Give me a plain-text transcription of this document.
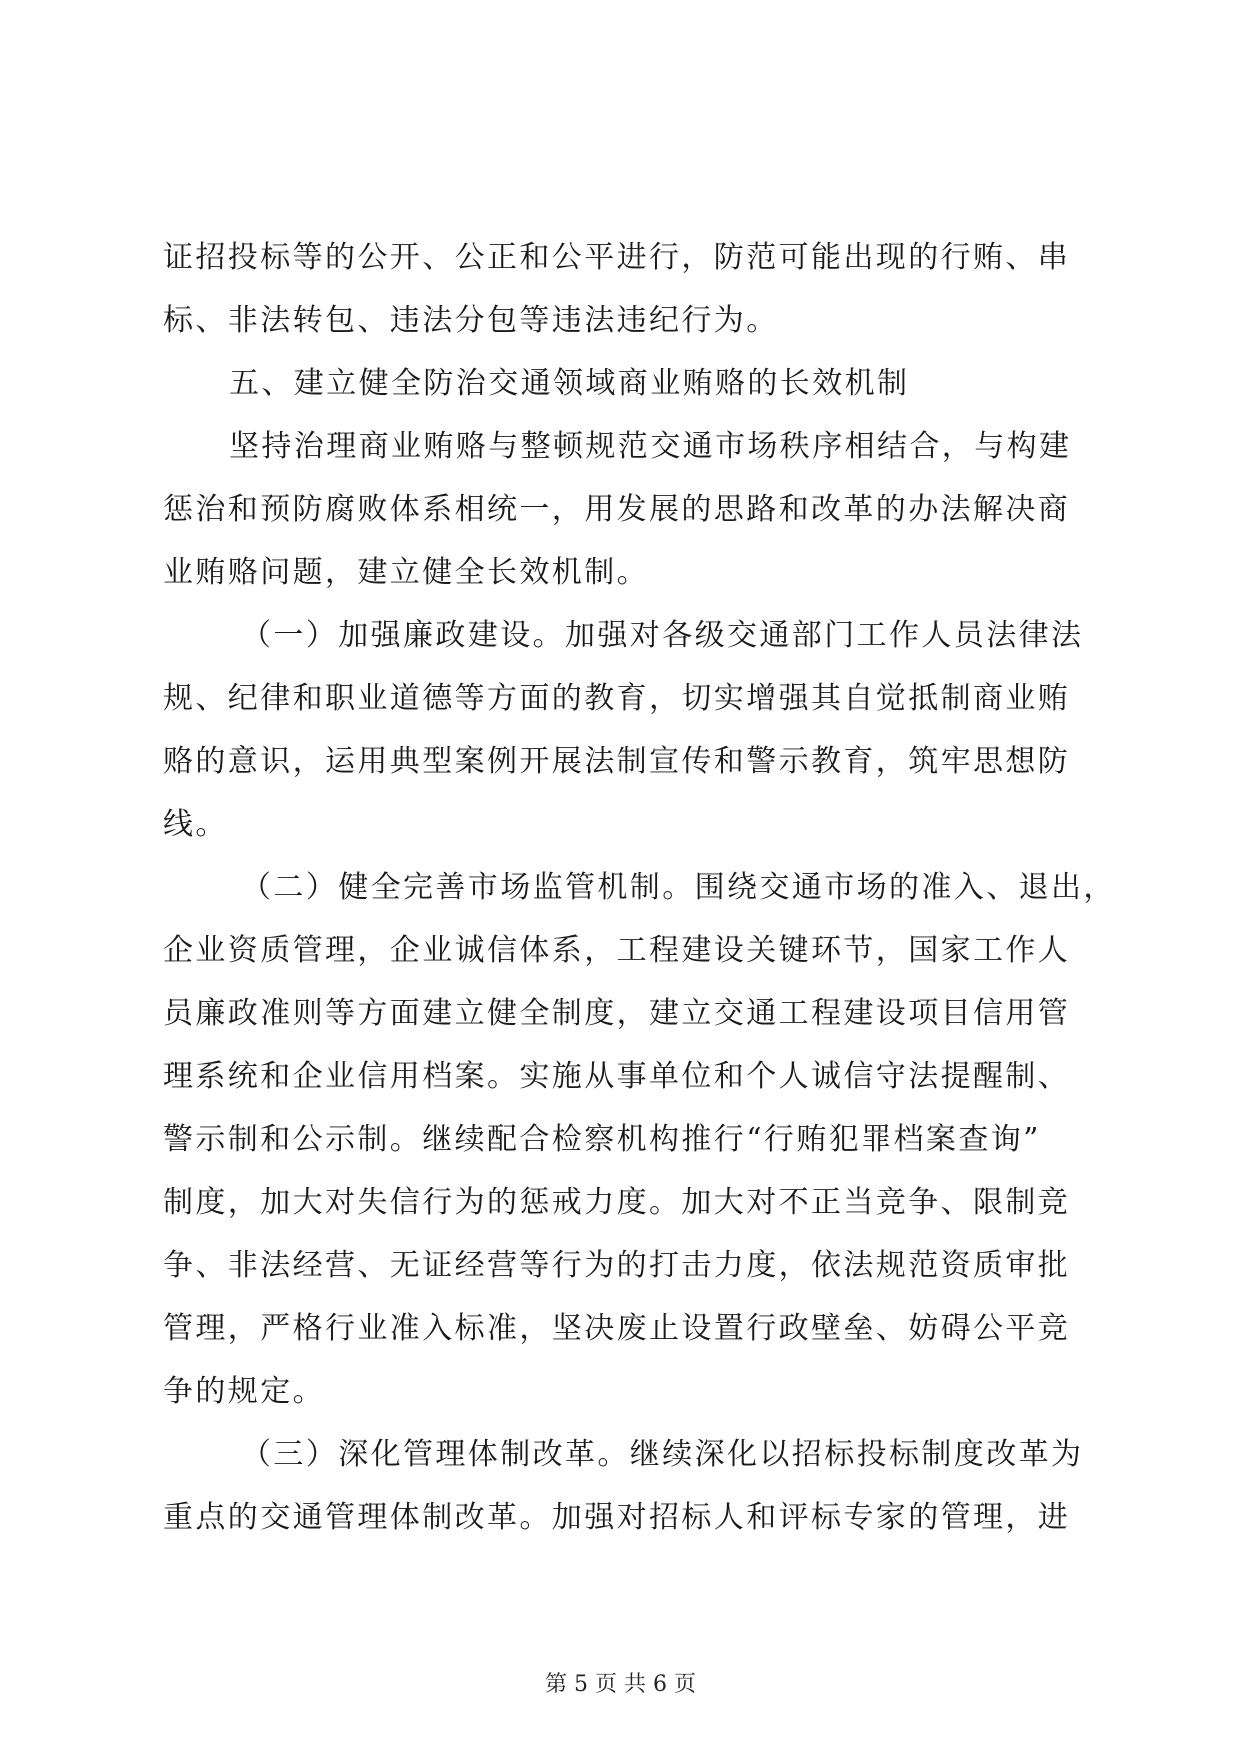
证招投标等的公开、公正和公平进行，防范可能出现的行贿、串
标、非法转包、违法分包等违法违纪行为。
五、建立健全防治交通领域商业贿赂的长效机制
坚持治理商业贿赂与整顿规范交通市场秩序相结合，与构建
惩治和预防腐败体系相统一，用发展的思路和改革的办法解决商
业贿赂问题，建立健全长效机制。
（一）加强廉政建设。加强对各级交通部门工作人员法律法
规、纪律和职业道德等方面的教育，切实增强其自觉抵制商业贿
赂的意识，运用典型案例开展法制宣传和警示教育，筑牢思想防
线。
（二）健全完善市场监管机制。围绕交通市场的准入、退出，
企业资质管理，企业诚信体系，工程建设关键环节，国家工作人
员廉政准则等方面建立健全制度，建立交通工程建设项目信用管
理系统和企业信用档案。实施从事单位和个人诚信守法提醒制、
警示制和公示制。继续配合检察机构推行“行贿犯罪档案查询”
制度，加大对失信行为的惩戒力度。加大对不正当竞争、限制竞
争、非法经营、无证经营等行为的打击力度，依法规范资质审批
管理，严格行业准入标准，坚决废止设置行政壁垒、妨碍公平竞
争的规定。
（三）深化管理体制改革。继续深化以招标投标制度改革为
重点的交通管理体制改革。加强对招标人和评标专家的管理，进
第 5 页 共 6 页
